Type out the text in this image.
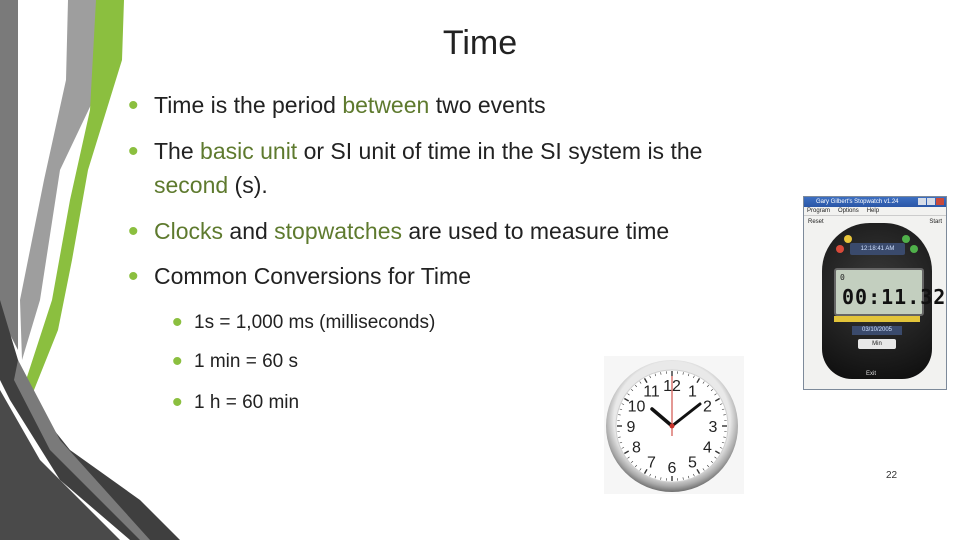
Time
• Time is the period between two events
• The basic unit or SI unit of time in the SI system is the
second (s).
• Clocks and stopwatches are used to measure time
• Common Conversions for Time
• 1s = 1,000 ms (milliseconds)
• 1 min = 60 s
• 1 h = 60 min
Gary Gilbert's Stopwatch v1.24
Program Options Help
Reset	Start
12:18:41 AM
0
00:11.32
03/10/2005
Min
Exit
12 1
2
3
4
5
6
7
8
9
10
11
22
